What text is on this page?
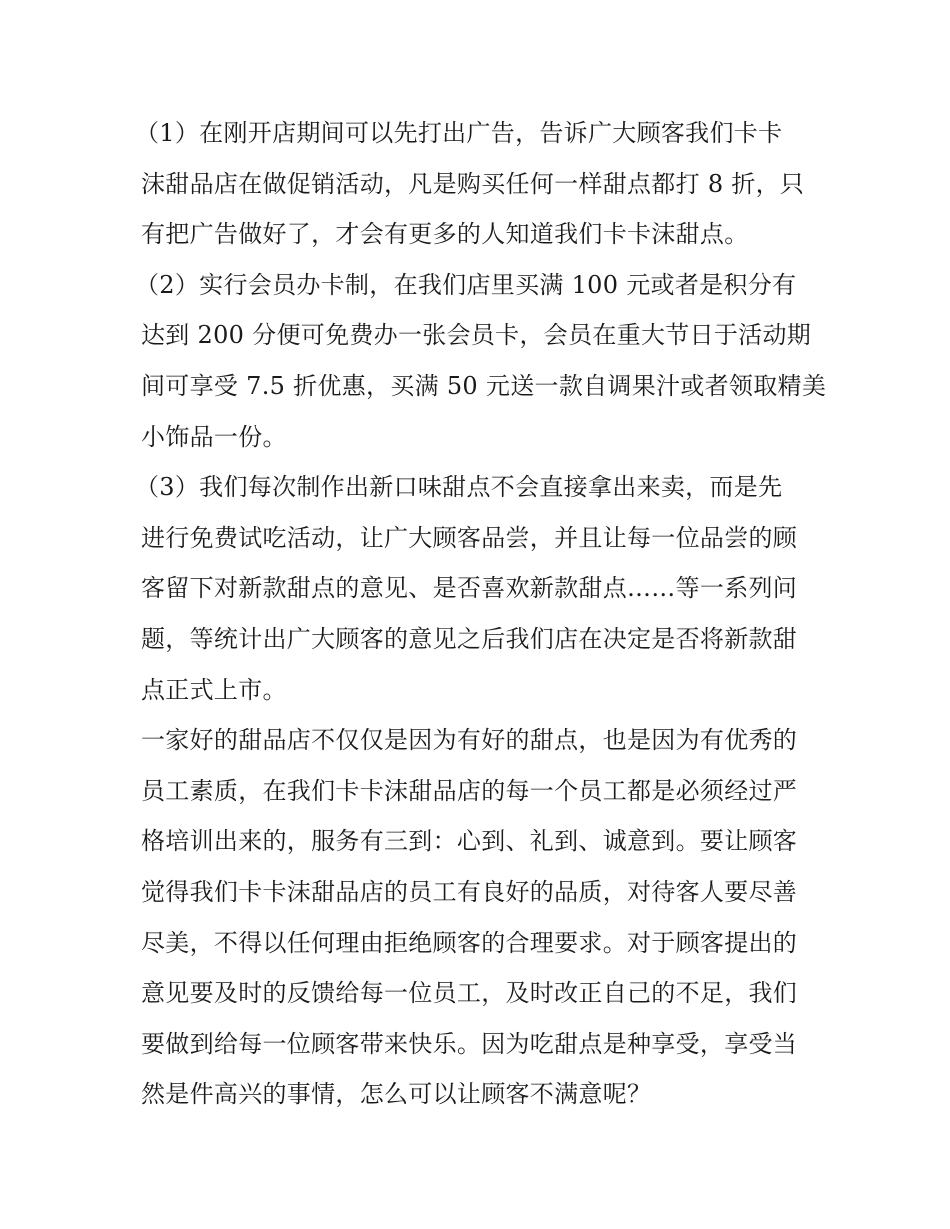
（1）在刚开店期间可以先打出广告，告诉广大顾客我们卡卡
沫甜品店在做促销活动，凡是购买任何一样甜点都打 8 折，只
有把广告做好了，才会有更多的人知道我们卡卡沫甜点。
（2）实行会员办卡制，在我们店里买满 100 元或者是积分有
达到 200 分便可免费办一张会员卡，会员在重大节日于活动期
间可享受 7.5 折优惠，买满 50 元送一款自调果汁或者领取精美
小饰品一份。
（3）我们每次制作出新口味甜点不会直接拿出来卖，而是先
进行免费试吃活动，让广大顾客品尝，并且让每一位品尝的顾
客留下对新款甜点的意见、是否喜欢新款甜点……等一系列问
题，等统计出广大顾客的意见之后我们店在决定是否将新款甜
点正式上市。
一家好的甜品店不仅仅是因为有好的甜点，也是因为有优秀的
员工素质，在我们卡卡沫甜品店的每一个员工都是必须经过严
格培训出来的，服务有三到：心到、礼到、诚意到。要让顾客
觉得我们卡卡沫甜品店的员工有良好的品质，对待客人要尽善
尽美，不得以任何理由拒绝顾客的合理要求。对于顾客提出的
意见要及时的反馈给每一位员工，及时改正自己的不足，我们
要做到给每一位顾客带来快乐。因为吃甜点是种享受，享受当
然是件高兴的事情，怎么可以让顾客不满意呢？
